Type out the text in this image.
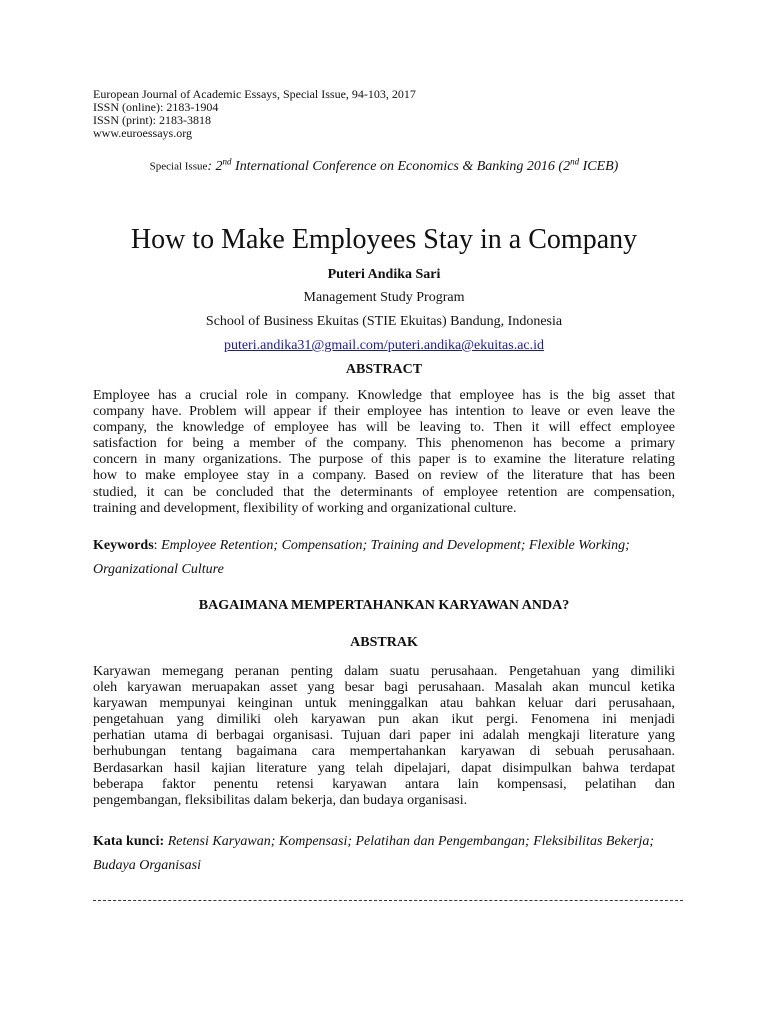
European Journal of Academic Essays, Special Issue, 94-103, 2017
ISSN (online): 2183-1904
ISSN (print): 2183-3818
www.euroessays.org
Special Issue: 2nd International Conference on Economics & Banking 2016 (2nd ICEB)
How to Make Employees Stay in a Company
Puteri Andika Sari
Management Study Program
School of Business Ekuitas (STIE Ekuitas) Bandung, Indonesia
puteri.andika31@gmail.com/puteri.andika@ekuitas.ac.id
ABSTRACT
Employee has a crucial role in company. Knowledge that employee has is the big asset that
company have. Problem will appear if their employee has intention to leave or even leave the
company, the knowledge of employee has will be leaving to. Then it will effect employee
satisfaction for being a member of the company. This phenomenon has become a primary
concern in many organizations. The purpose of this paper is to examine the literature relating
how to make employee stay in a company. Based on review of the literature that has been
studied, it can be concluded that the determinants of employee retention are compensation,
training and development, flexibility of working and organizational culture.
Keywords: Employee Retention; Compensation; Training and Development; Flexible Working; Organizational Culture
BAGAIMANA MEMPERTAHANKAN KARYAWAN ANDA?
ABSTRAK
Karyawan memegang peranan penting dalam suatu perusahaan. Pengetahuan yang dimiliki
oleh karyawan meruapakan asset yang besar bagi perusahaan. Masalah akan muncul ketika
karyawan mempunyai keinginan untuk meninggalkan atau bahkan keluar dari perusahaan,
pengetahuan yang dimiliki oleh karyawan pun akan ikut pergi. Fenomena ini menjadi
perhatian utama di berbagai organisasi. Tujuan dari paper ini adalah mengkaji literature yang
berhubungan tentang bagaimana cara mempertahankan karyawan di sebuah perusahaan.
Berdasarkan hasil kajian literature yang telah dipelajari, dapat disimpulkan bahwa terdapat
beberapa faktor penentu retensi karyawan antara lain kompensasi, pelatihan dan
pengembangan, fleksibilitas dalam bekerja, dan budaya organisasi.
Kata kunci: Retensi Karyawan; Kompensasi; Pelatihan dan Pengembangan; Fleksibilitas Bekerja; Budaya Organisasi
